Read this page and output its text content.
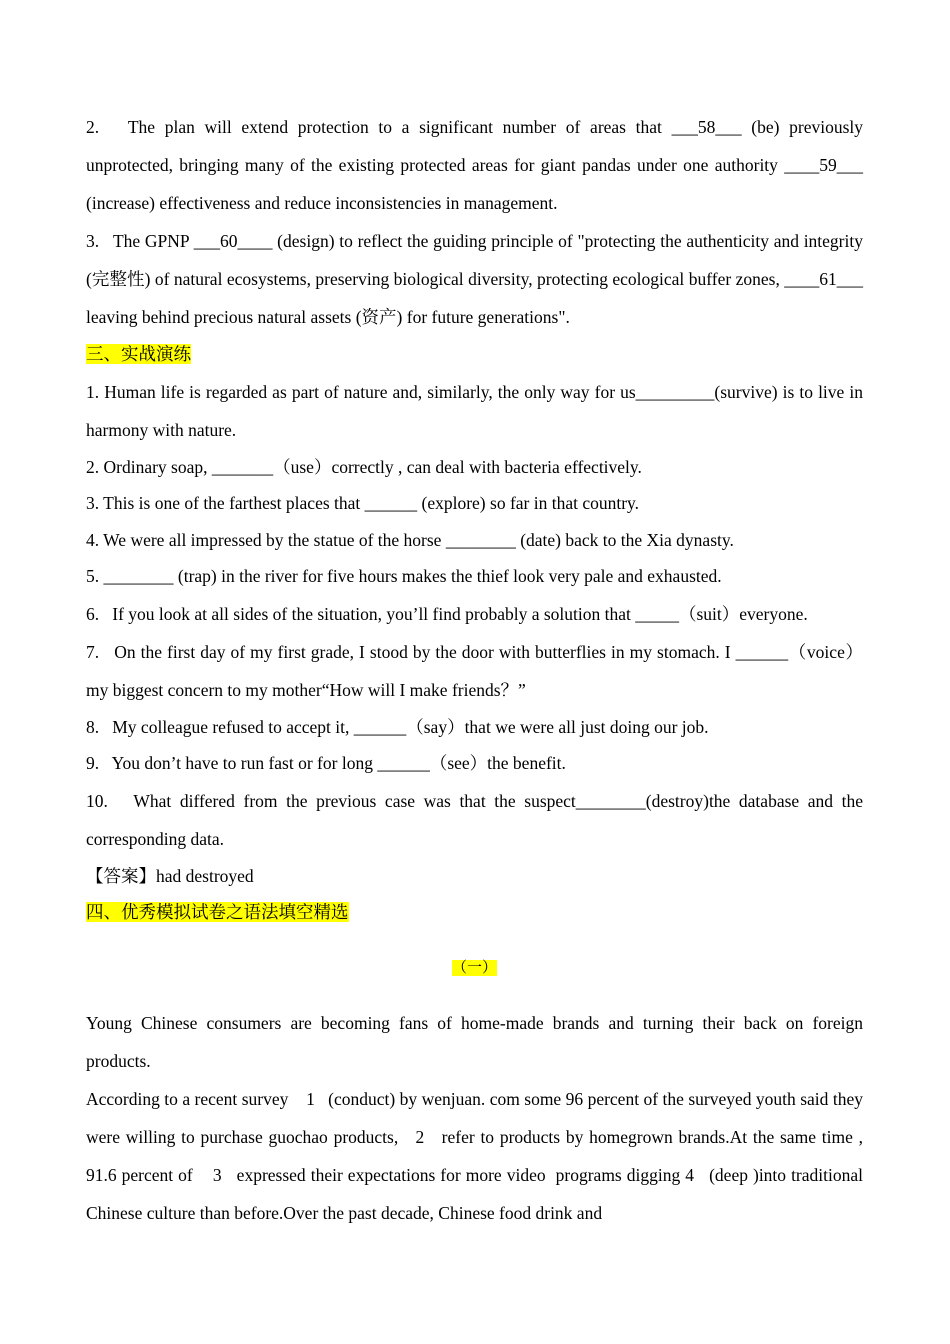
2.   The plan will extend protection to a significant number of areas that ___58___ (be) previously unprotected, bringing many of the existing protected areas for giant pandas under one authority ____59___ (increase) effectiveness and reduce inconsistencies in management.

3.   The GPNP ___60____ (design) to reflect the guiding principle of "protecting the authenticity and integrity (完整性) of natural ecosystems, preserving biological diversity, protecting ecological buffer zones, ____61___ leaving behind precious natural assets (资产) for future generations".

三、实战演练

1. Human life is regarded as part of nature and, similarly, the only way for us_________(survive) is to live in harmony with nature.

2. Ordinary soap, _______（use）correctly , can deal with bacteria effectively.

3. This is one of the farthest places that ______ (explore) so far in that country.

4. We were all impressed by the statue of the horse ________ (date) back to the Xia dynasty.

5. ________ (trap) in the river for five hours makes the thief look very pale and exhausted.

6.   If you look at all sides of the situation, you’ll find probably a solution that _____（suit）everyone.

7.   On the first day of my first grade, I stood by the door with butterflies in my stomach. I ______（voice）my biggest concern to my mother“How will I make friends？”

8.   My colleague refused to accept it, ______（say）that we were all just doing our job.

9.   You don’t have to run fast or for long ______（see）the benefit.

10.   What differed from the previous case was that the suspect________(destroy)the database and the corresponding data.

【答案】had destroyed

四、优秀模拟试卷之语法填空精选

（一）

Young Chinese consumers are becoming fans of home-made brands and turning their back on foreign products.

According to a recent survey    1   (conduct) by wenjuan. com some 96 percent of the surveyed youth said they were willing to purchase guochao products,   2   refer to products by homegrown brands.At the same time , 91.6 percent of    3   expressed their expectations for more video  programs digging 4   (deep )into traditional Chinese culture than before.Over the past decade, Chinese food drink and
